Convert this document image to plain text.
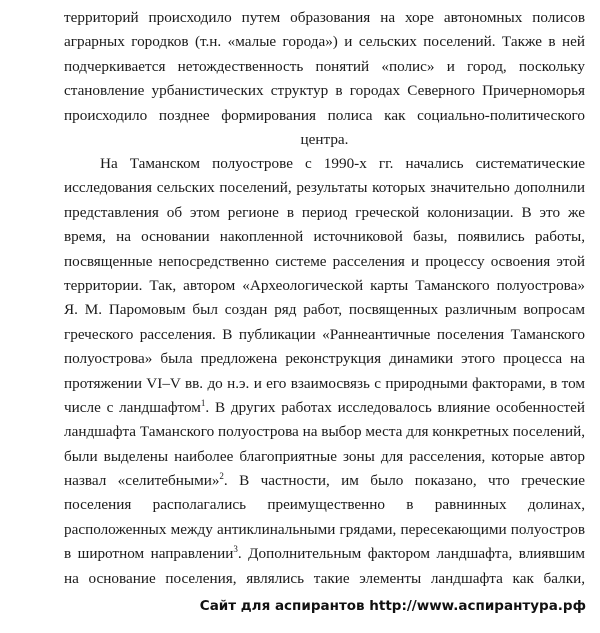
территорий происходило путем образования на хоре автономных полисов
аграрных городков (т.н. «малые города») и сельских поселений. Также в ней
подчеркивается нетождественность понятий «полис» и город, поскольку
становление урбанистических структур в городах Северного Причерноморья
происходило позднее формирования полиса как социально-политического
центра.
На Таманском полуострове с 1990-х гг. начались систематические
исследования сельских поселений, результаты которых значительно дополнили
представления об этом регионе в период греческой колонизации. В это же
время, на основании накопленной источниковой базы, появились работы,
посвященные непосредственно системе расселения и процессу освоения этой
территории. Так, автором «Археологической карты Таманского полуострова»
Я. М. Паромовым был создан ряд работ, посвященных различным вопросам
греческого расселения. В публикации «Раннеантичные поселения Таманского
полуострова» была предложена реконструкция динамики этого процесса на
протяжении VI–V вв. до н.э. и его взаимосвязь с природными факторами, в том
числе с ландшафтом$^1$. В других работах исследовалось влияние особенностей
ландшафта Таманского полуострова на выбор места для конкретных поселений,
были выделены наиболее благоприятные зоны для расселения, которые автор
назвал «селитебными»$^2$. В частности, им было показано, что греческие
поселения располагались преимущественно в равнинных долинах,
расположенных между антиклинальными грядами, пересекающими полуостров
в широтном направлении$^3$. Дополнительным фактором ландшафта, влиявшим
на основание поселения, являлись такие элементы ландшафта как балки,
Сайт для аспирантов http://www.аспирантура.рф
